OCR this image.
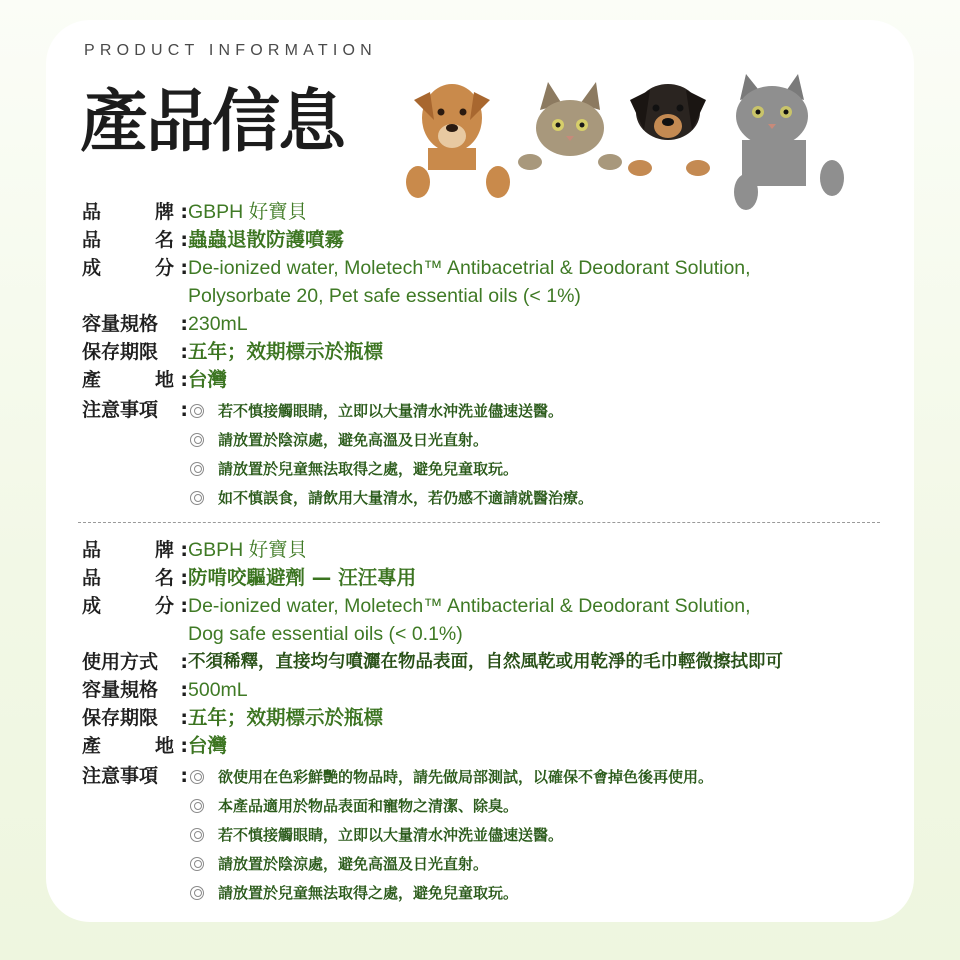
PRODUCT INFORMATION
產品信息
品	牌 : GBPH 好寶貝
品	名 : 蟲蟲退散防護噴霧
成	分 : De-ionized water, Moletech™ Antibacetrial & Deodorant Solution,
Polysorbate 20, Pet safe essential oils (< 1%)
容量規格 : 230mL
保存期限 : 五年；效期標示於瓶標
產	地 : 台灣
注意事項 : 若不慎接觸眼睛，立即以大量清水沖洗並儘速送醫。
請放置於陰涼處，避免高溫及日光直射。
請放置於兒童無法取得之處，避免兒童取玩。
如不慎誤食，請飲用大量清水，若仍感不適請就醫治療。
品	牌 : GBPH 好寶貝
品	名 : 防啃咬驅避劑 — 汪汪專用
成	分 : De-ionized water, Moletech™ Antibacterial & Deodorant Solution,
Dog safe essential oils (< 0.1%)
使用方式 : 不須稀釋，直接均勻噴灑在物品表面，自然風乾或用乾淨的毛巾輕微擦拭即可
容量規格 : 500mL
保存期限 : 五年；效期標示於瓶標
產	地 : 台灣
注意事項 : 欲使用在色彩鮮艷的物品時，請先做局部測試，以確保不會掉色後再使用。
本產品適用於物品表面和寵物之清潔、除臭。
若不慎接觸眼睛，立即以大量清水沖洗並儘速送醫。
請放置於陰涼處，避免高溫及日光直射。
請放置於兒童無法取得之處，避免兒童取玩。
